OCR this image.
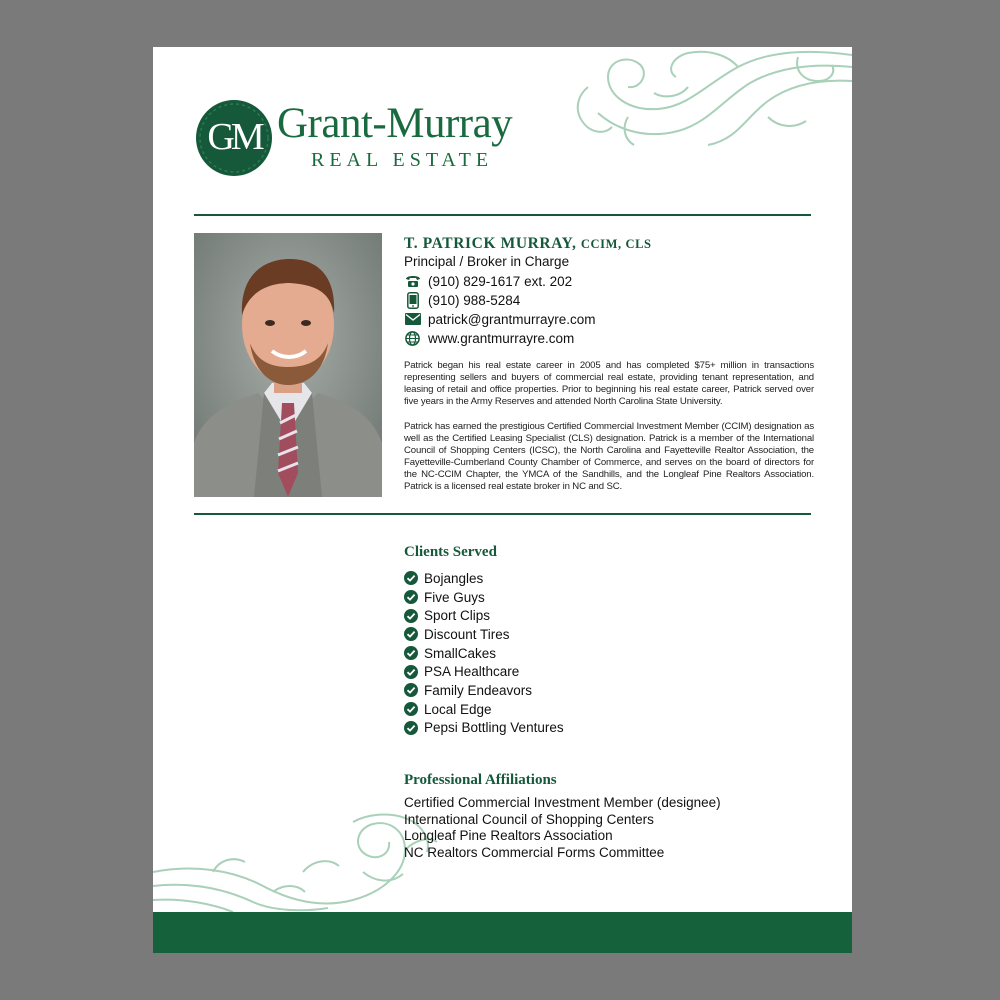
GM Grant-Murray
REAL ESTATE
T. PATRICK MURRAY, CCIM, CLS
Principal / Broker in Charge
(910) 829-1617 ext. 202
(910) 988-5284
patrick@grantmurrayre.com
www.grantmurrayre.com

Patrick began his real estate career in 2005 and has completed $75+ million in transactions representing sellers and buyers of commercial real estate, providing tenant representation, and leasing of retail and office properties. Prior to beginning his real estate career, Patrick served over five years in the Army Reserves and attended North Carolina State University.

Patrick has earned the prestigious Certified Commercial Investment Member (CCIM) designation as well as the Certified Leasing Specialist (CLS) designation. Patrick is a member of the International Council of Shopping Centers (ICSC), the North Carolina and Fayetteville Realtor Association, the Fayetteville-Cumberland County Chamber of Commerce, and serves on the board of directors for the NC-CCIM Chapter, the YMCA of the Sandhills, and the Longleaf Pine Realtors Association. Patrick is a licensed real estate broker in NC and SC.

Clients Served
Bojangles
Five Guys
Sport Clips
Discount Tires
SmallCakes
PSA Healthcare
Family Endeavors
Local Edge
Pepsi Bottling Ventures
Professional Affiliations
Certified Commercial Investment Member (designee)
International Council of Shopping Centers
Longleaf Pine Realtors Association
NC Realtors Commercial Forms Committee
